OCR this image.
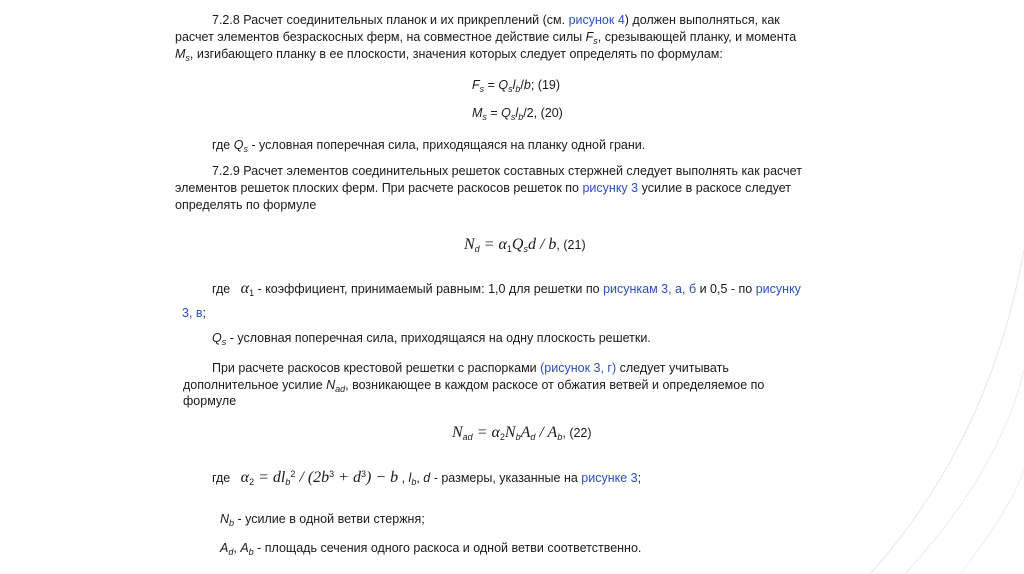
7.2.8 Расчет соединительных планок и их прикреплений (см. рисунок 4) должен выполняться, как
расчет элементов безраскосных ферм, на совместное действие силы $F_s$, срезывающей планку, и момента
$M_s$, изгибающего планку в ее плоскости, значения которых следует определять по формулам:
$F_s = Q_sl_b/b$; (19)
$M_s = Q_sl_b/2$, (20)
где $Q_s$ - условная поперечная сила, приходящаяся на планку одной грани.
7.2.9 Расчет элементов соединительных решеток составных стержней следует выполнять как расчет
элементов решеток плоских ферм. При расчете раскосов решеток по рисунку 3 усилие в раскосе следует
определять по формуле
$N_d = \alpha_1Q_sd / b$, (21)
где $\alpha_1$ - коэффициент, принимаемый равным: 1,0 для решетки по рисункам 3, а, б и 0,5 - по рисунку
3, в;
$Q_s$ - условная поперечная сила, приходящаяся на одну плоскость решетки.
При расчете раскосов крестовой решетки с распорками (рисунок 3, г) следует учитывать
дополнительное усилие $N_{ad}$, возникающее в каждом раскосе от обжатия ветвей и определяемое по
формуле
$N_{ad} = \alpha_2N_bA_d / A_b$, (22)
где $\alpha_2 = dl_b^2 / (2b^3 + d^3) - b$ , $l_b$, d - размеры, указанные на рисунке 3;
$N_b$ - усилие в одной ветви стержня;
$A_d$, $A_b$ - площадь сечения одного раскоса и одной ветви соответственно.
